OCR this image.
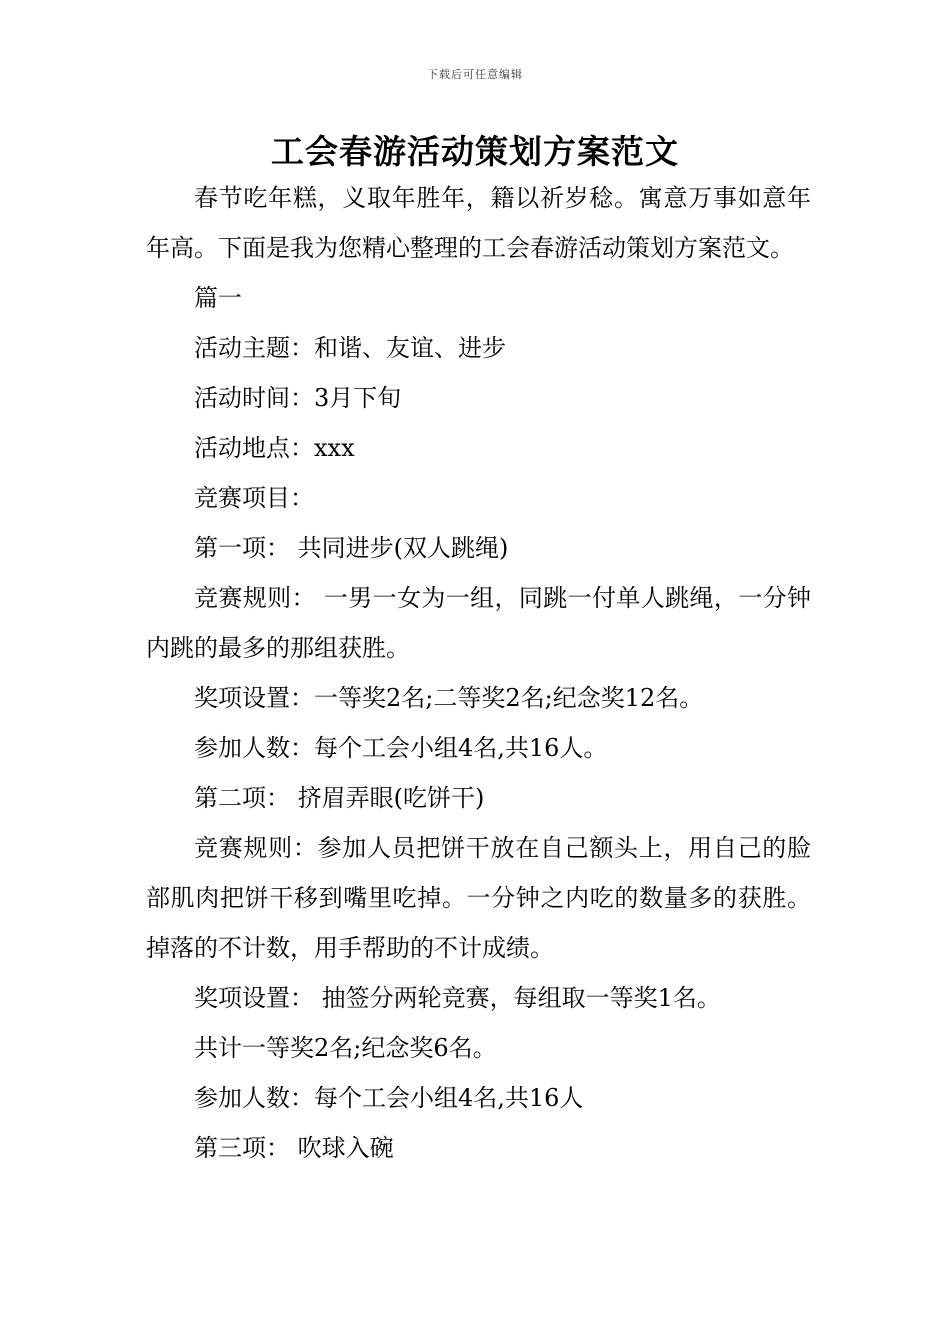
下载后可任意编辑
工会春游活动策划方案范文

春节吃年糕，义取年胜年，籍以祈岁稔。寓意万事如意年年高。下面是我为您精心整理的工会春游活动策划方案范文。

篇一

活动主题：和谐、友谊、进步

活动时间：3月下旬

活动地点：xxx

竞赛项目：

第一项： 共同进步(双人跳绳)

竞赛规则： 一男一女为一组，同跳一付单人跳绳，一分钟内跳的最多的那组获胜。

奖项设置：一等奖2名;二等奖2名;纪念奖12名。

参加人数：每个工会小组4名,共16人。

第二项： 挤眉弄眼(吃饼干)

竞赛规则：参加人员把饼干放在自己额头上，用自己的脸部肌肉把饼干移到嘴里吃掉。一分钟之内吃的数量多的获胜。掉落的不计数，用手帮助的不计成绩。

奖项设置： 抽签分两轮竞赛，每组取一等奖1名。

共计一等奖2名;纪念奖6名。

参加人数：每个工会小组4名,共16人

第三项： 吹球入碗
